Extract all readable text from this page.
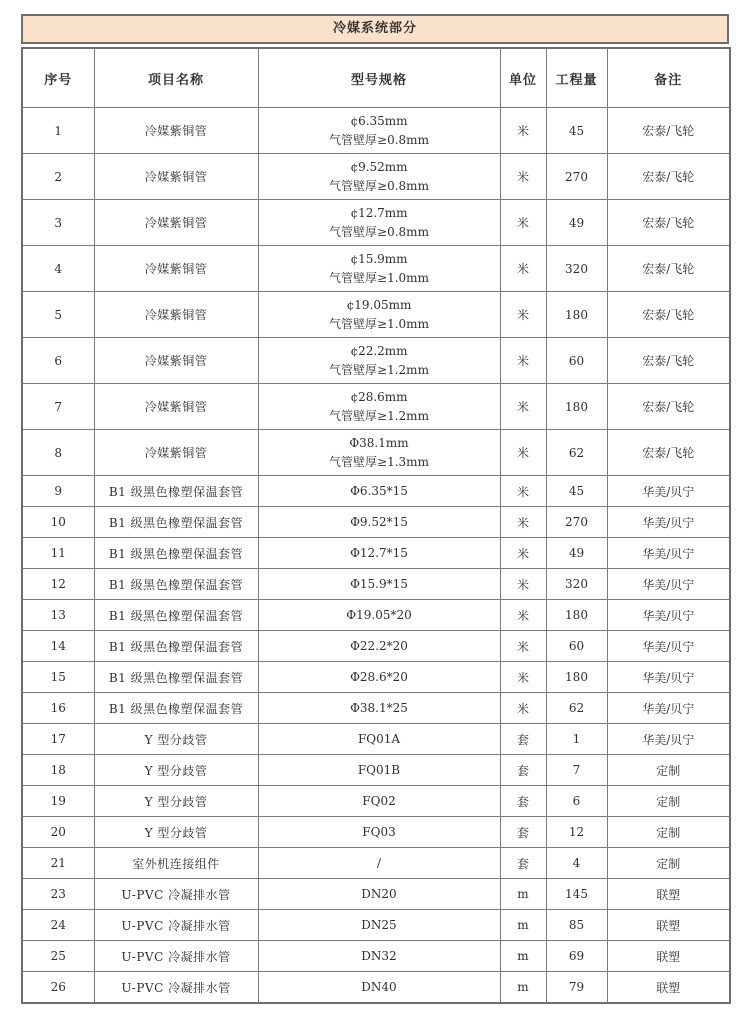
冷媒系统部分
序号	项目名称	型号规格	单位	工程量	备注
1	冷媒紫铜管	¢6.35mm
气管壁厚≥0.8mm	米	45	宏泰/飞轮
2	冷媒紫铜管	¢9.52mm
气管壁厚≥0.8mm	米	270	宏泰/飞轮
3	冷媒紫铜管	¢12.7mm
气管壁厚≥0.8mm	米	49	宏泰/飞轮
4	冷媒紫铜管	¢15.9mm
气管壁厚≥1.0mm	米	320	宏泰/飞轮
5	冷媒紫铜管	¢19.05mm
气管壁厚≥1.0mm	米	180	宏泰/飞轮
6	冷媒紫铜管	¢22.2mm
气管壁厚≥1.2mm	米	60	宏泰/飞轮
7	冷媒紫铜管	¢28.6mm
气管壁厚≥1.2mm	米	180	宏泰/飞轮
8	冷媒紫铜管	Φ38.1mm
气管壁厚≥1.3mm	米	62	宏泰/飞轮
9	B1 级黑色橡塑保温套管	Φ6.35*15	米	45	华美/贝宁
10	B1 级黑色橡塑保温套管	Φ9.52*15	米	270	华美/贝宁
11	B1 级黑色橡塑保温套管	Φ12.7*15	米	49	华美/贝宁
12	B1 级黑色橡塑保温套管	Φ15.9*15	米	320	华美/贝宁
13	B1 级黑色橡塑保温套管	Φ19.05*20	米	180	华美/贝宁
14	B1 级黑色橡塑保温套管	Φ22.2*20	米	60	华美/贝宁
15	B1 级黑色橡塑保温套管	Φ28.6*20	米	180	华美/贝宁
16	B1 级黑色橡塑保温套管	Φ38.1*25	米	62	华美/贝宁
17	Y 型分歧管	FQ01A	套	1	华美/贝宁
18	Y 型分歧管	FQ01B	套	7	定制
19	Y 型分歧管	FQ02	套	6	定制
20	Y 型分歧管	FQ03	套	12	定制
21	室外机连接组件	/	套	4	定制
23	U-PVC 冷凝排水管	DN20	m	145	联塑
24	U-PVC 冷凝排水管	DN25	m	85	联塑
25	U-PVC 冷凝排水管	DN32	m	69	联塑
26	U-PVC 冷凝排水管	DN40	m	79	联塑
